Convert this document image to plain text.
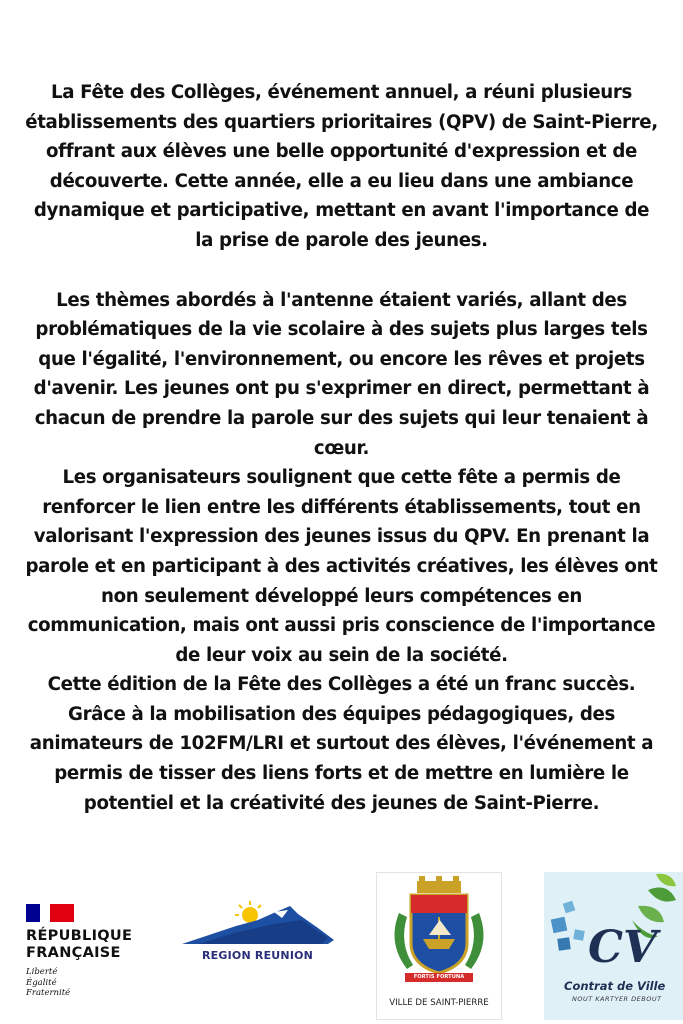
La Fête des Collèges, événement annuel, a réuni plusieurs
établissements des quartiers prioritaires (QPV) de Saint-Pierre,
offrant aux élèves une belle opportunité d'expression et de
découverte. Cette année, elle a eu lieu dans une ambiance
dynamique et participative, mettant en avant l'importance de
la prise de parole des jeunes.

Les thèmes abordés à l'antenne étaient variés, allant des
problématiques de la vie scolaire à des sujets plus larges tels
que l'égalité, l'environnement, ou encore les rêves et projets
d'avenir. Les jeunes ont pu s'exprimer en direct, permettant à
chacun de prendre la parole sur des sujets qui leur tenaient à
cœur.

Les organisateurs soulignent que cette fête a permis de
renforcer le lien entre les différents établissements, tout en
valorisant l'expression des jeunes issus du QPV. En prenant la
parole et en participant à des activités créatives, les élèves ont
non seulement développé leurs compétences en
communication, mais ont aussi pris conscience de l'importance
de leur voix au sein de la société.

Cette édition de la Fête des Collèges a été un franc succès.
Grâce à la mobilisation des équipes pédagogiques, des
animateurs de 102FM/LRI et surtout des élèves, l'événement a
permis de tisser des liens forts et de mettre en lumière le
potentiel et la créativité des jeunes de Saint-Pierre.

RÉPUBLIQUE
FRANÇAISE
Liberté
Égalité
Fraternité
REGION REUNION
FORTIS FORTUNA FORTIOR
VILLE DE SAINT-PIERRE
CV
Contrat de Ville
NOUT KARTYER DEBOUT
